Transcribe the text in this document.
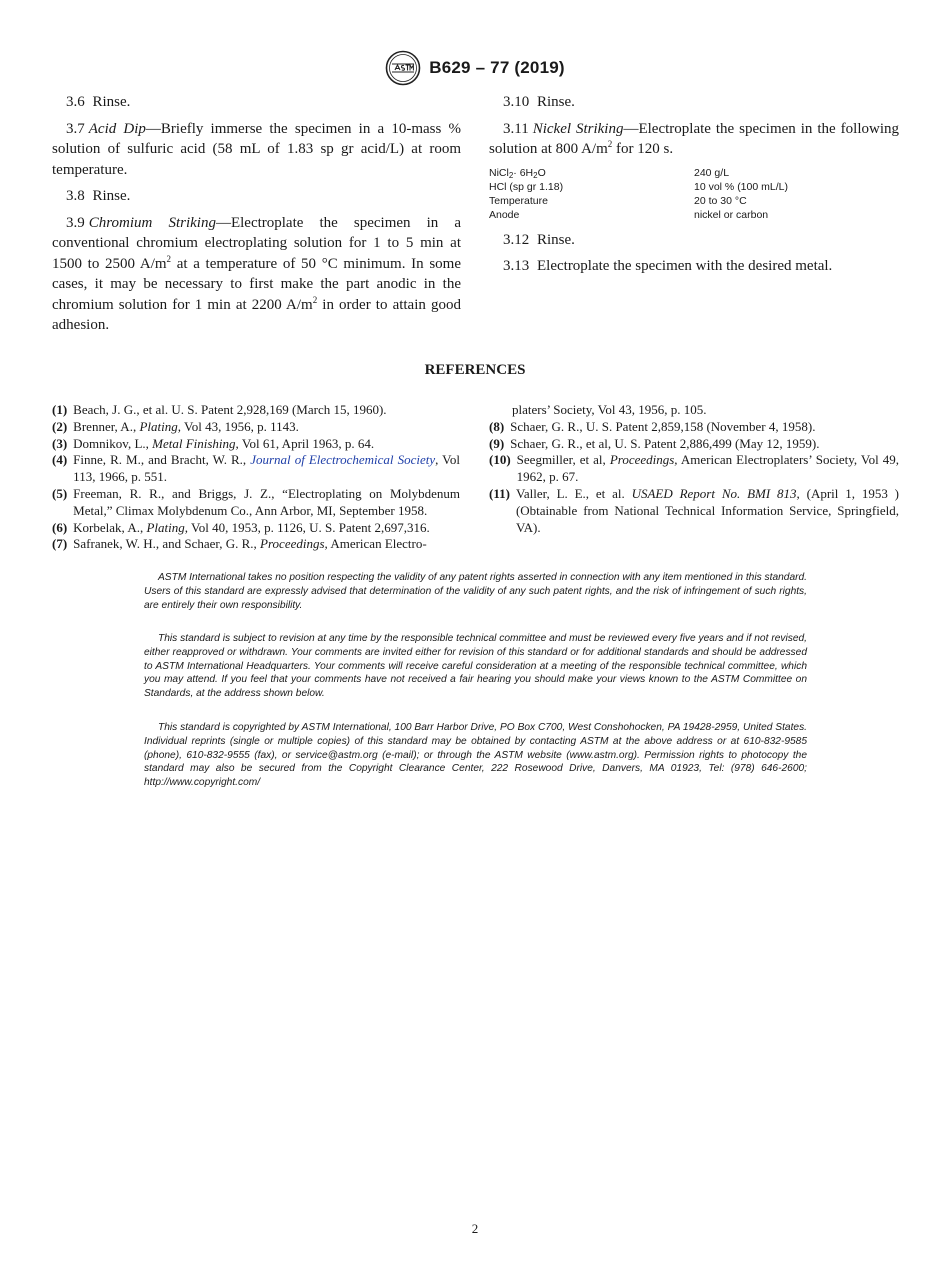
B629 – 77 (2019)

3.6 Rinse.

3.7 Acid Dip—Briefly immerse the specimen in a 10-mass % solution of sulfuric acid (58 mL of 1.83 sp gr acid/L) at room temperature.

3.8 Rinse.

3.9 Chromium Striking—Electroplate the specimen in a conventional chromium electroplating solution for 1 to 5 min at 1500 to 2500 $A/m^2$ at a temperature of 50 °C minimum. In some cases, it may be necessary to first make the part anodic in the chromium solution for 1 min at 2200 $A/m^2$ in order to attain good adhesion.

3.10 Rinse.

3.11 Nickel Striking—Electroplate the specimen in the following solution at 800 $A/m^2$ for 120 s.

NiCl$_2$· $6H_2O$	240 g/L
HCl (sp gr 1.18)	10 vol % (100 mL/L)
Temperature	20 to 30 °C
Anode	nickel or carbon

3.12 Rinse.

3.13 Electroplate the specimen with the desired metal.

REFERENCES
(1) Beach, J. G., et al. U. S. Patent 2,928,169 (March 15, 1960).
(2) Brenner, A., Plating, Vol 43, 1956, p. 1143.
(3) Domnikov, L., Metal Finishing, Vol 61, April 1963, p. 64.
(4) Finne, R. M., and Bracht, W. R., Journal of Electrochemical Society, Vol 113, 1966, p. 551.
(5) Freeman, R. R., and Briggs, J. Z., “Electroplating on Molybdenum Metal,” Climax Molybdenum Co., Ann Arbor, MI, September 1958.
(6) Korbelak, A., Plating, Vol 40, 1953, p. 1126, U. S. Patent 2,697,316.
(7) Safranek, W. H., and Schaer, G. R., Proceedings, American Electro-

platers’ Society, Vol 43, 1956, p. 105.

(8) Schaer, G. R., U. S. Patent 2,859,158 (November 4, 1958).
(9) Schaer, G. R., et al, U. S. Patent 2,886,499 (May 12, 1959).
(10) Seegmiller, et al, Proceedings, American Electroplaters’ Society, Vol 49, 1962, p. 67.
(11) Valler, L. E., et al. USAED Report No. BMI 813, (April 1, 1953 ) (Obtainable from National Technical Information Service, Springfield, VA).

ASTM International takes no position respecting the validity of any patent rights asserted in connection with any item mentioned in this standard. Users of this standard are expressly advised that determination of the validity of any such patent rights, and the risk of infringement of such rights, are entirely their own responsibility.

This standard is subject to revision at any time by the responsible technical committee and must be reviewed every five years and if not revised, either reapproved or withdrawn. Your comments are invited either for revision of this standard or for additional standards and should be addressed to ASTM International Headquarters. Your comments will receive careful consideration at a meeting of the responsible technical committee, which you may attend. If you feel that your comments have not received a fair hearing you should make your views known to the ASTM Committee on Standards, at the address shown below.

This standard is copyrighted by ASTM International, 100 Barr Harbor Drive, PO Box C700, West Conshohocken, PA 19428-2959, United States. Individual reprints (single or multiple copies) of this standard may be obtained by contacting ASTM at the above address or at 610-832-9585 (phone), 610-832-9555 (fax), or service@astm.org (e-mail); or through the ASTM website (www.astm.org). Permission rights to photocopy the standard may also be secured from the Copyright Clearance Center, 222 Rosewood Drive, Danvers, MA 01923, Tel: (978) 646-2600; http://www.copyright.com/

2
